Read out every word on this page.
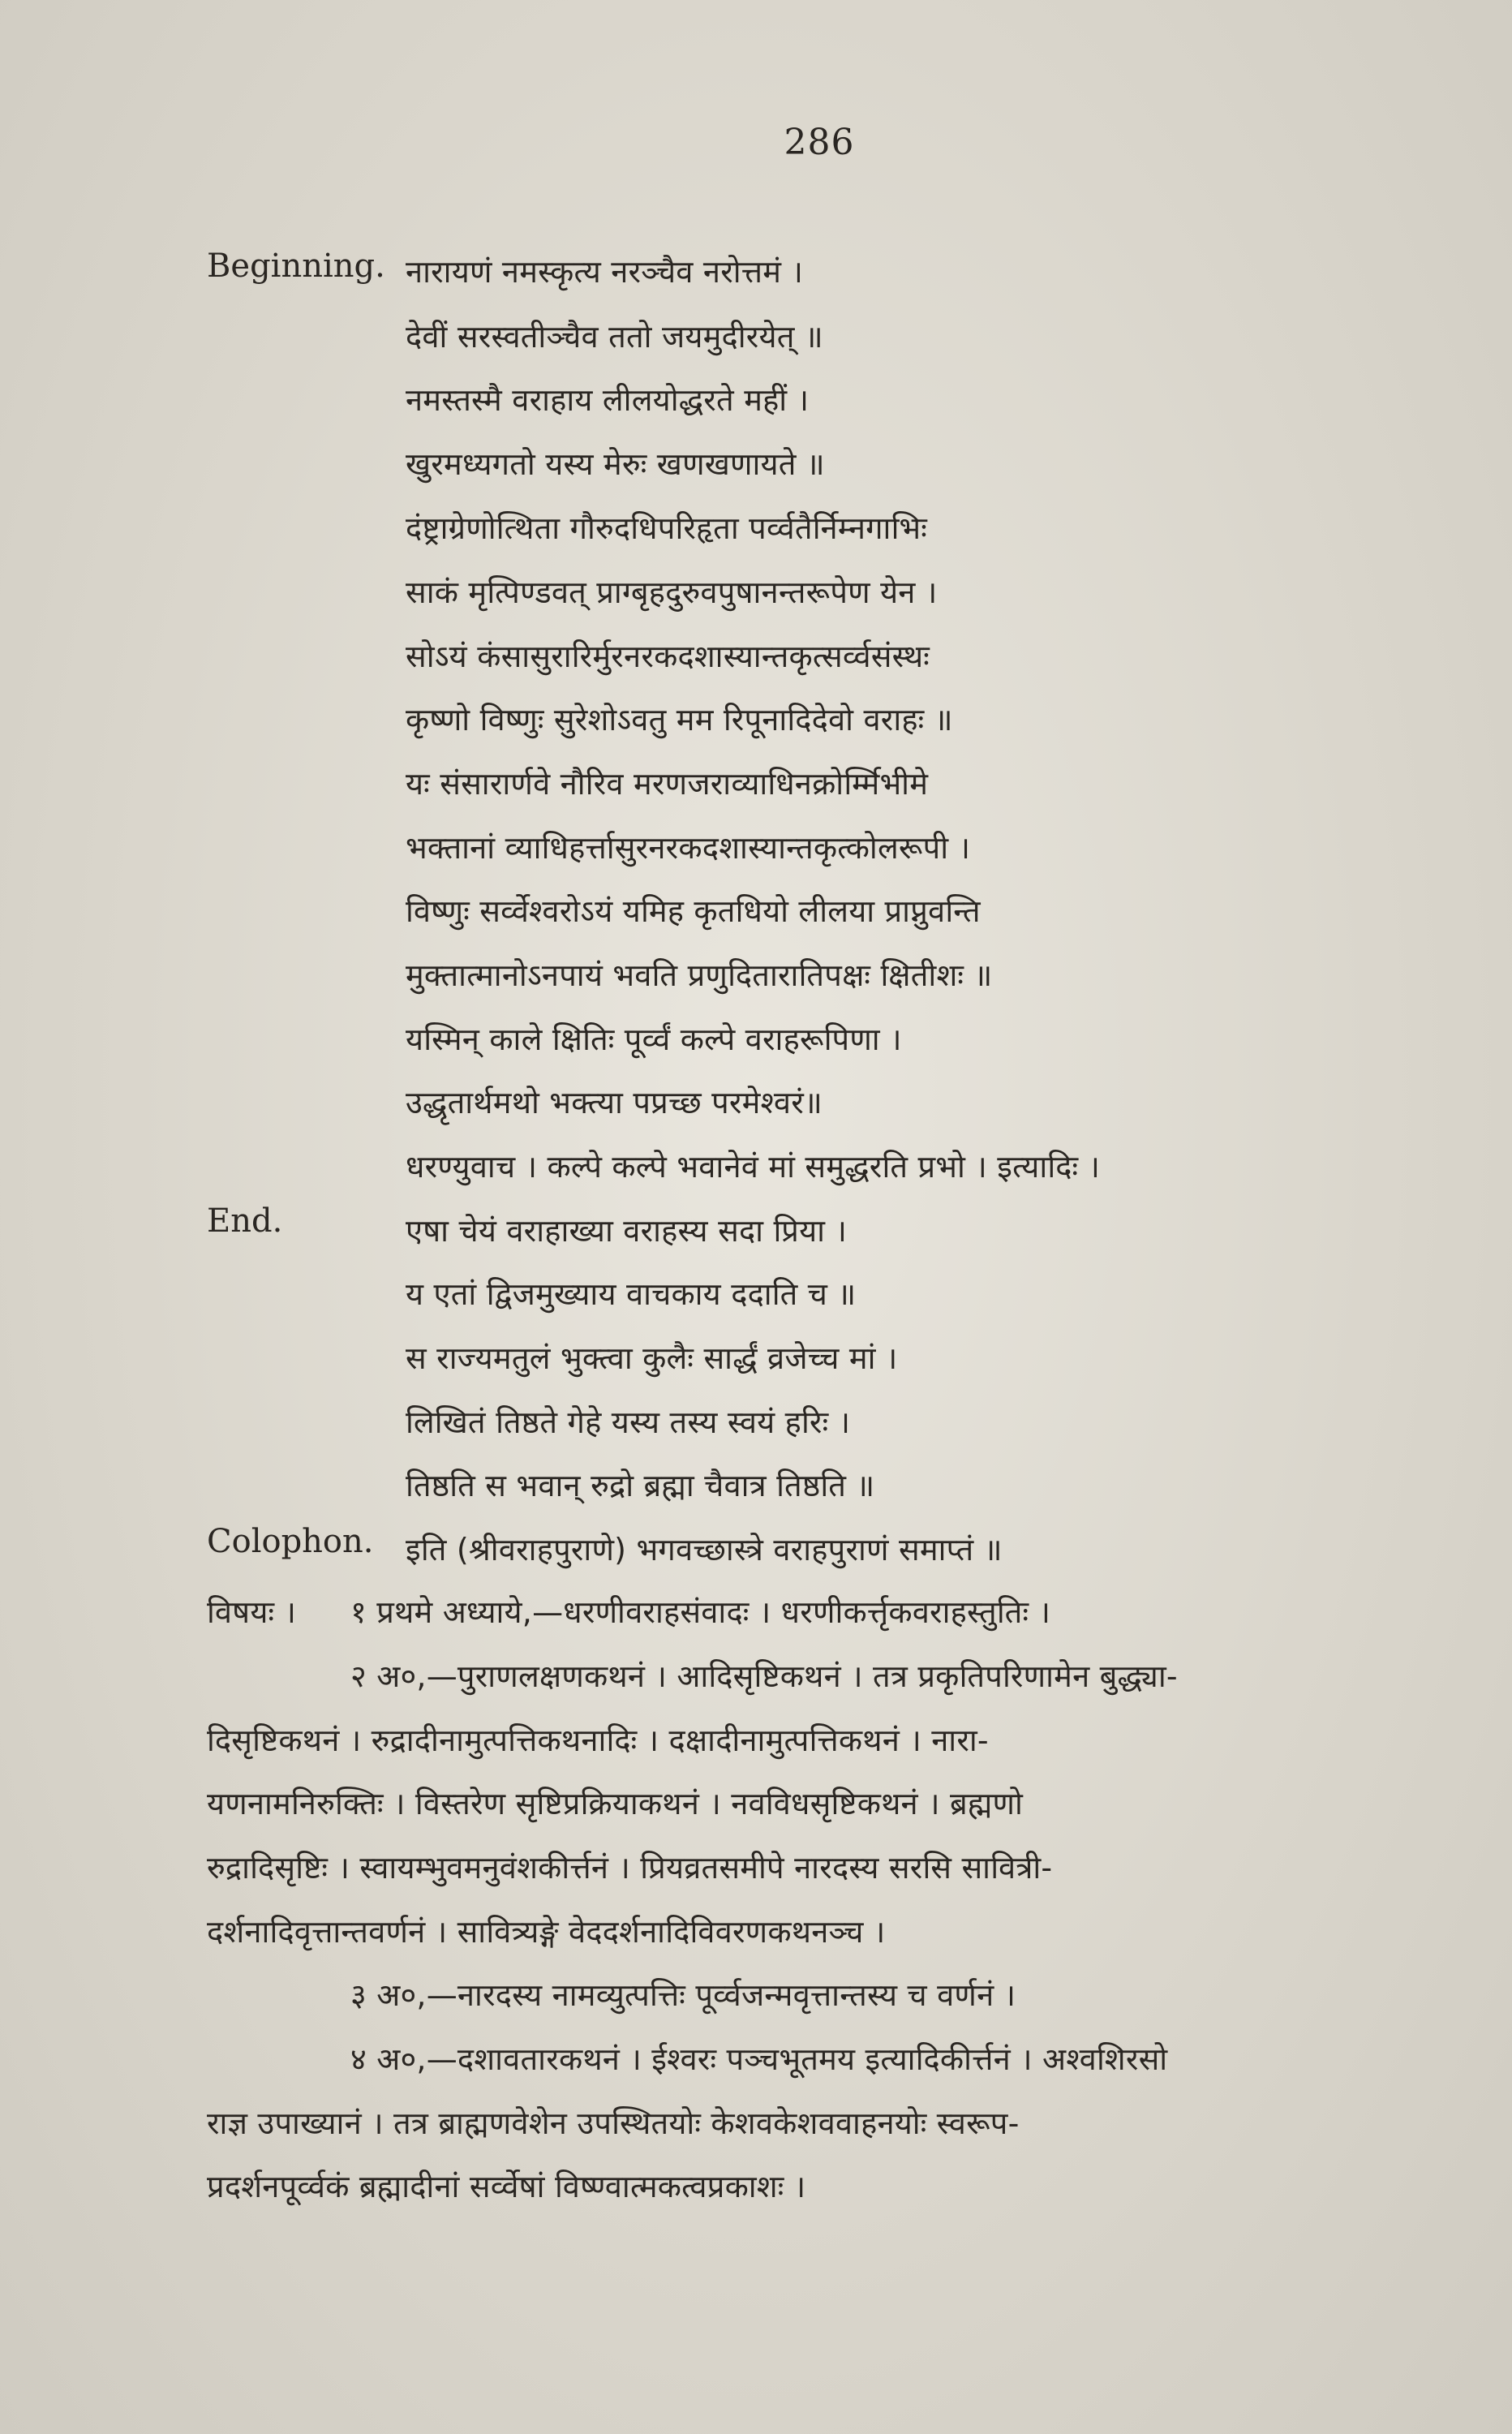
286
Beginning. नारायणं नमस्कृत्य नरञ्चैव नरोत्तमं ।
देवीं सरस्वतीञ्चैव ततो जयमुदीरयेत् ॥
नमस्तस्मै वराहाय लीलयोद्धरते महीं ।
खुरमध्यगतो यस्य मेरुः खणखणायते ॥
दंष्ट्राग्रेणोत्थिता गौरुदधिपरिहृता पर्व्वतैर्निम्नगाभिः
साकं मृत्पिण्डवत् प्राग्बृहदुरुवपुषानन्तरूपेण येन ।
सोऽयं कंसासुरारिर्मुरनरकदशास्यान्तकृत्सर्व्वसंस्थः
कृष्णो विष्णुः सुरेशोऽवतु मम रिपूनादिदेवो वराहः ॥
यः संसारार्णवे नौरिव मरणजराव्याधिनक्रोर्म्मिभीमे
भक्तानां व्याधिहर्त्तासुरनरकदशास्यान्तकृत्कोलरूपी ।
विष्णुः सर्व्वेश्वरोऽयं यमिह कृतधियो लीलया प्राप्नुवन्ति
मुक्तात्मानोऽनपायं भवति प्रणुदितारातिपक्षः क्षितीशः ॥
यस्मिन् काले क्षितिः पूर्व्वं कल्पे वराहरूपिणा ।
उद्धृतार्थमथो भक्त्या पप्रच्छ परमेश्वरं॥
धरण्युवाच । कल्पे कल्पे भवानेवं मां समुद्धरति प्रभो । इत्यादिः ।
End.	एषा चेयं वराहाख्या वराहस्य सदा प्रिया ।
य एतां द्विजमुख्याय वाचकाय ददाति च ॥
स राज्यमतुलं भुक्त्वा कुलैः सार्द्धं व्रजेच्च मां ।
लिखितं तिष्ठते गेहे यस्य तस्य स्वयं हरिः ।
तिष्ठति स भवान् रुद्रो ब्रह्मा चैवात्र तिष्ठति ॥
Colophon. इति (श्रीवराहपुराणे) भगवच्छास्त्रे वराहपुराणं समाप्तं ॥
विषयः । १ प्रथमे अध्याये,—धरणीवराहसंवादः । धरणीकर्त्तृकवराहस्तुतिः ।
२ अ०,—पुराणलक्षणकथनं । आदिसृष्टिकथनं । तत्र प्रकृतिपरिणामेन बुद्ध्या-
दिसृष्टिकथनं । रुद्रादीनामुत्पत्तिकथनादिः । दक्षादीनामुत्पत्तिकथनं । नारा-
यणनामनिरुक्तिः । विस्तरेण सृष्टिप्रक्रियाकथनं । नवविधसृष्टिकथनं । ब्रह्मणो
रुद्रादिसृष्टिः । स्वायम्भुवमनुवंशकीर्त्तनं । प्रियव्रतसमीपे नारदस्य सरसि सावित्री-
दर्शनादिवृत्तान्तवर्णनं । सावित्र्यङ्गे वेददर्शनादिविवरणकथनञ्च ।
३ अ०,—नारदस्य नामव्युत्पत्तिः पूर्व्वजन्मवृत्तान्तस्य च वर्णनं ।
४ अ०,—दशावतारकथनं । ईश्वरः पञ्चभूतमय इत्यादिकीर्त्तनं । अश्वशिरसो
राज्ञ उपाख्यानं । तत्र ब्राह्मणवेशेन उपस्थितयोः केशवकेशववाहनयोः स्वरूप-
प्रदर्शनपूर्व्वकं ब्रह्मादीनां सर्व्वेषां विष्ण्वात्मकत्वप्रकाशः ।
